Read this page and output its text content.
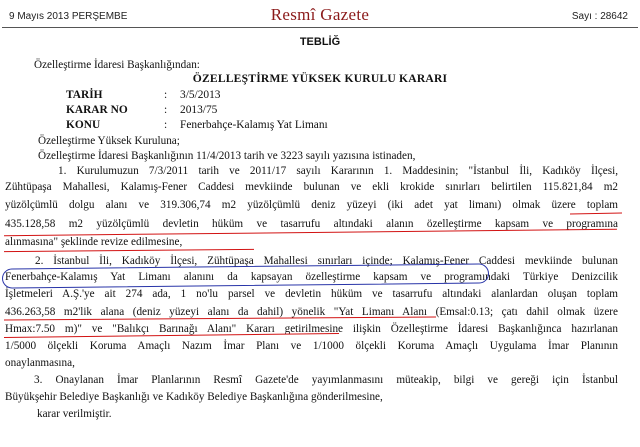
9 Mayıs 2013 PERŞEMBE	Resmî Gazete	Sayı : 28642
TEBLİĞ
Özelleştirme İdaresi Başkanlığından:
ÖZELLEŞTİRME YÜKSEK KURULU KARARI
TARİH	: 3/5/2013
KARAR NO	: 2013/75
KONU	: Fenerbahçe-Kalamış Yat Limanı
Özelleştirme Yüksek Kuruluna;
Özelleştirme İdaresi Başkanlığının 11/4/2013 tarih ve 3223 sayılı yazısına istinaden,
1. Kurulumuzun 7/3/2011 tarih ve 2011/17 sayılı Kararının 1. Maddesinin; "İstanbul İli, Kadıköy İlçesi,
Zühtüpaşa Mahallesi, Kalamış-Fener Caddesi mevkiinde bulunan ve ekli krokide sınırları belirtilen 115.821,84 m2
yüzölçümlü dolgu alanı ve 319.306,74 m2 yüzölçümlü deniz yüzeyi (iki adet yat limanı) olmak üzere toplam
435.128,58 m2 yüzölçümlü devletin hüküm ve tasarrufu altındaki alanın özelleştirme kapsam ve programına
alınmasına" şeklinde revize edilmesine,
2. İstanbul İli, Kadıköy İlçesi, Zühtüpaşa Mahallesi sınırları içinde; Kalamış-Fener Caddesi mevkiinde bulunan
Fenerbahçe-Kalamış Yat Limanı alanını da kapsayan özelleştirme kapsam ve programındaki Türkiye Denizcilik
İşletmeleri A.Ş.'ye ait 274 ada, 1 no'lu parsel ve devletin hüküm ve tasarrufu altındaki alanlardan oluşan toplam
436.263,58 m2'lik alana (deniz yüzeyi alanı da dahil) yönelik "Yat Limanı Alanı (Emsal:0.13; çatı dahil olmak üzere
Hmax:7.50 m)" ve "Balıkçı Barınağı Alanı" Kararı getirilmesine ilişkin Özelleştirme İdaresi Başkanlığınca hazırlanan
1/5000 ölçekli Koruma Amaçlı Nazım İmar Planı ve 1/1000 ölçekli Koruma Amaçlı Uygulama İmar Planının
onaylanmasına,
3. Onaylanan İmar Planlarının Resmî Gazete'de yayımlanmasını müteakip, bilgi ve gereği için İstanbul
Büyükşehir Belediye Başkanlığı ve Kadıköy Belediye Başkanlığına gönderilmesine,
karar verilmiştir.
